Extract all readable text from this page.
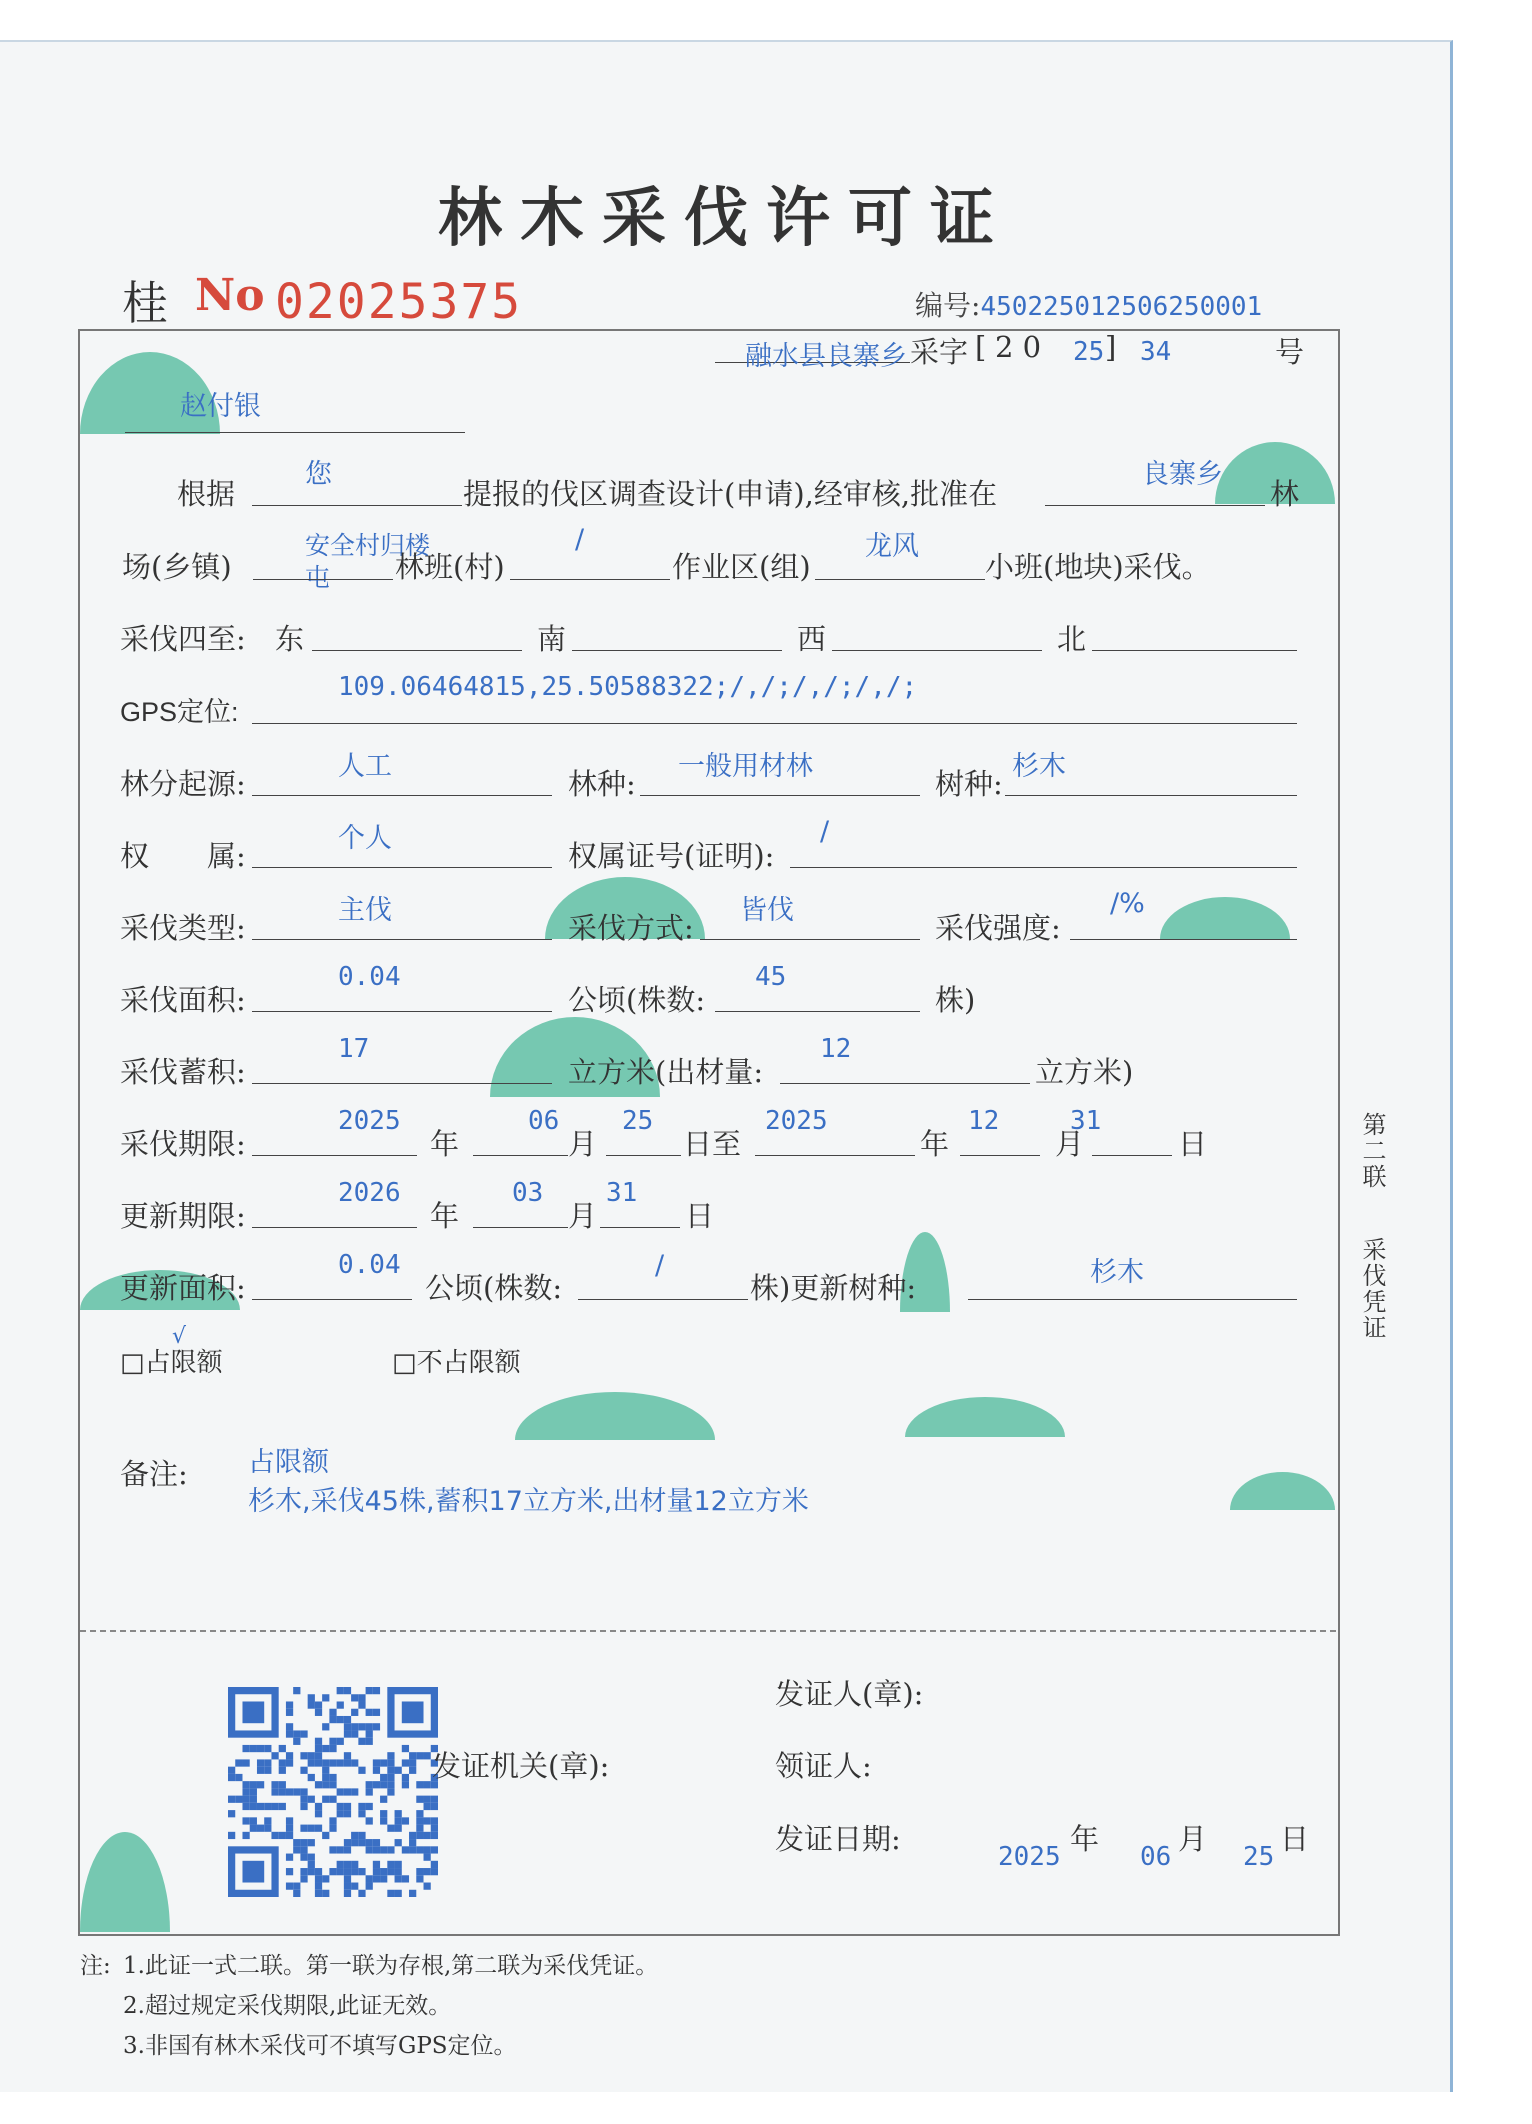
林木采伐许可证
桂 No 02025375	编号:450225012506250001
融水县良寨乡 采字 [ 2 0 25 ] 34	号
赵付银
根据
您
提报的伐区调查设计(申请),经审核,批准在
良寨乡
林
场(乡镇)
安全村归楼屯	林班(村)
/
作业区(组)
龙风
小班(地块)采伐。
采伐四至: 东	南	西	北
GPS定位:
109.06464815,25.50588322;/,/;/,/;/,/;
林分起源:
人工
林种:
一般用材林
树种:
杉木
权　　属:
个人
权属证号(证明):
/
采伐类型:
主伐
采伐方式:
皆伐
采伐强度:
/%
采伐面积:
0.04
公顷(株数:
45
株)
采伐蓄积:
17
立方米(出材量:
12
立方米)
采伐期限:
2025
年
06
月
25
日至
2025
年
12
月
31
日
更新期限:
2026
年
03
月
31
日
更新面积:
0.04
公顷(株数:
/
株)更新树种:	杉木
√
□占限额	□不占限额
备注: 占限额
杉木,采伐45株,蓄积17立方米,出材量12立方米
发证人(章):
发证机关(章):	领证人:
发证日期:	年	月	日
2025	06	25
第二联
采伐凭证
注: 1.此证一式二联。第一联为存根,第二联为采伐凭证。
2.超过规定采伐期限,此证无效。
3.非国有林木采伐可不填写GPS定位。
